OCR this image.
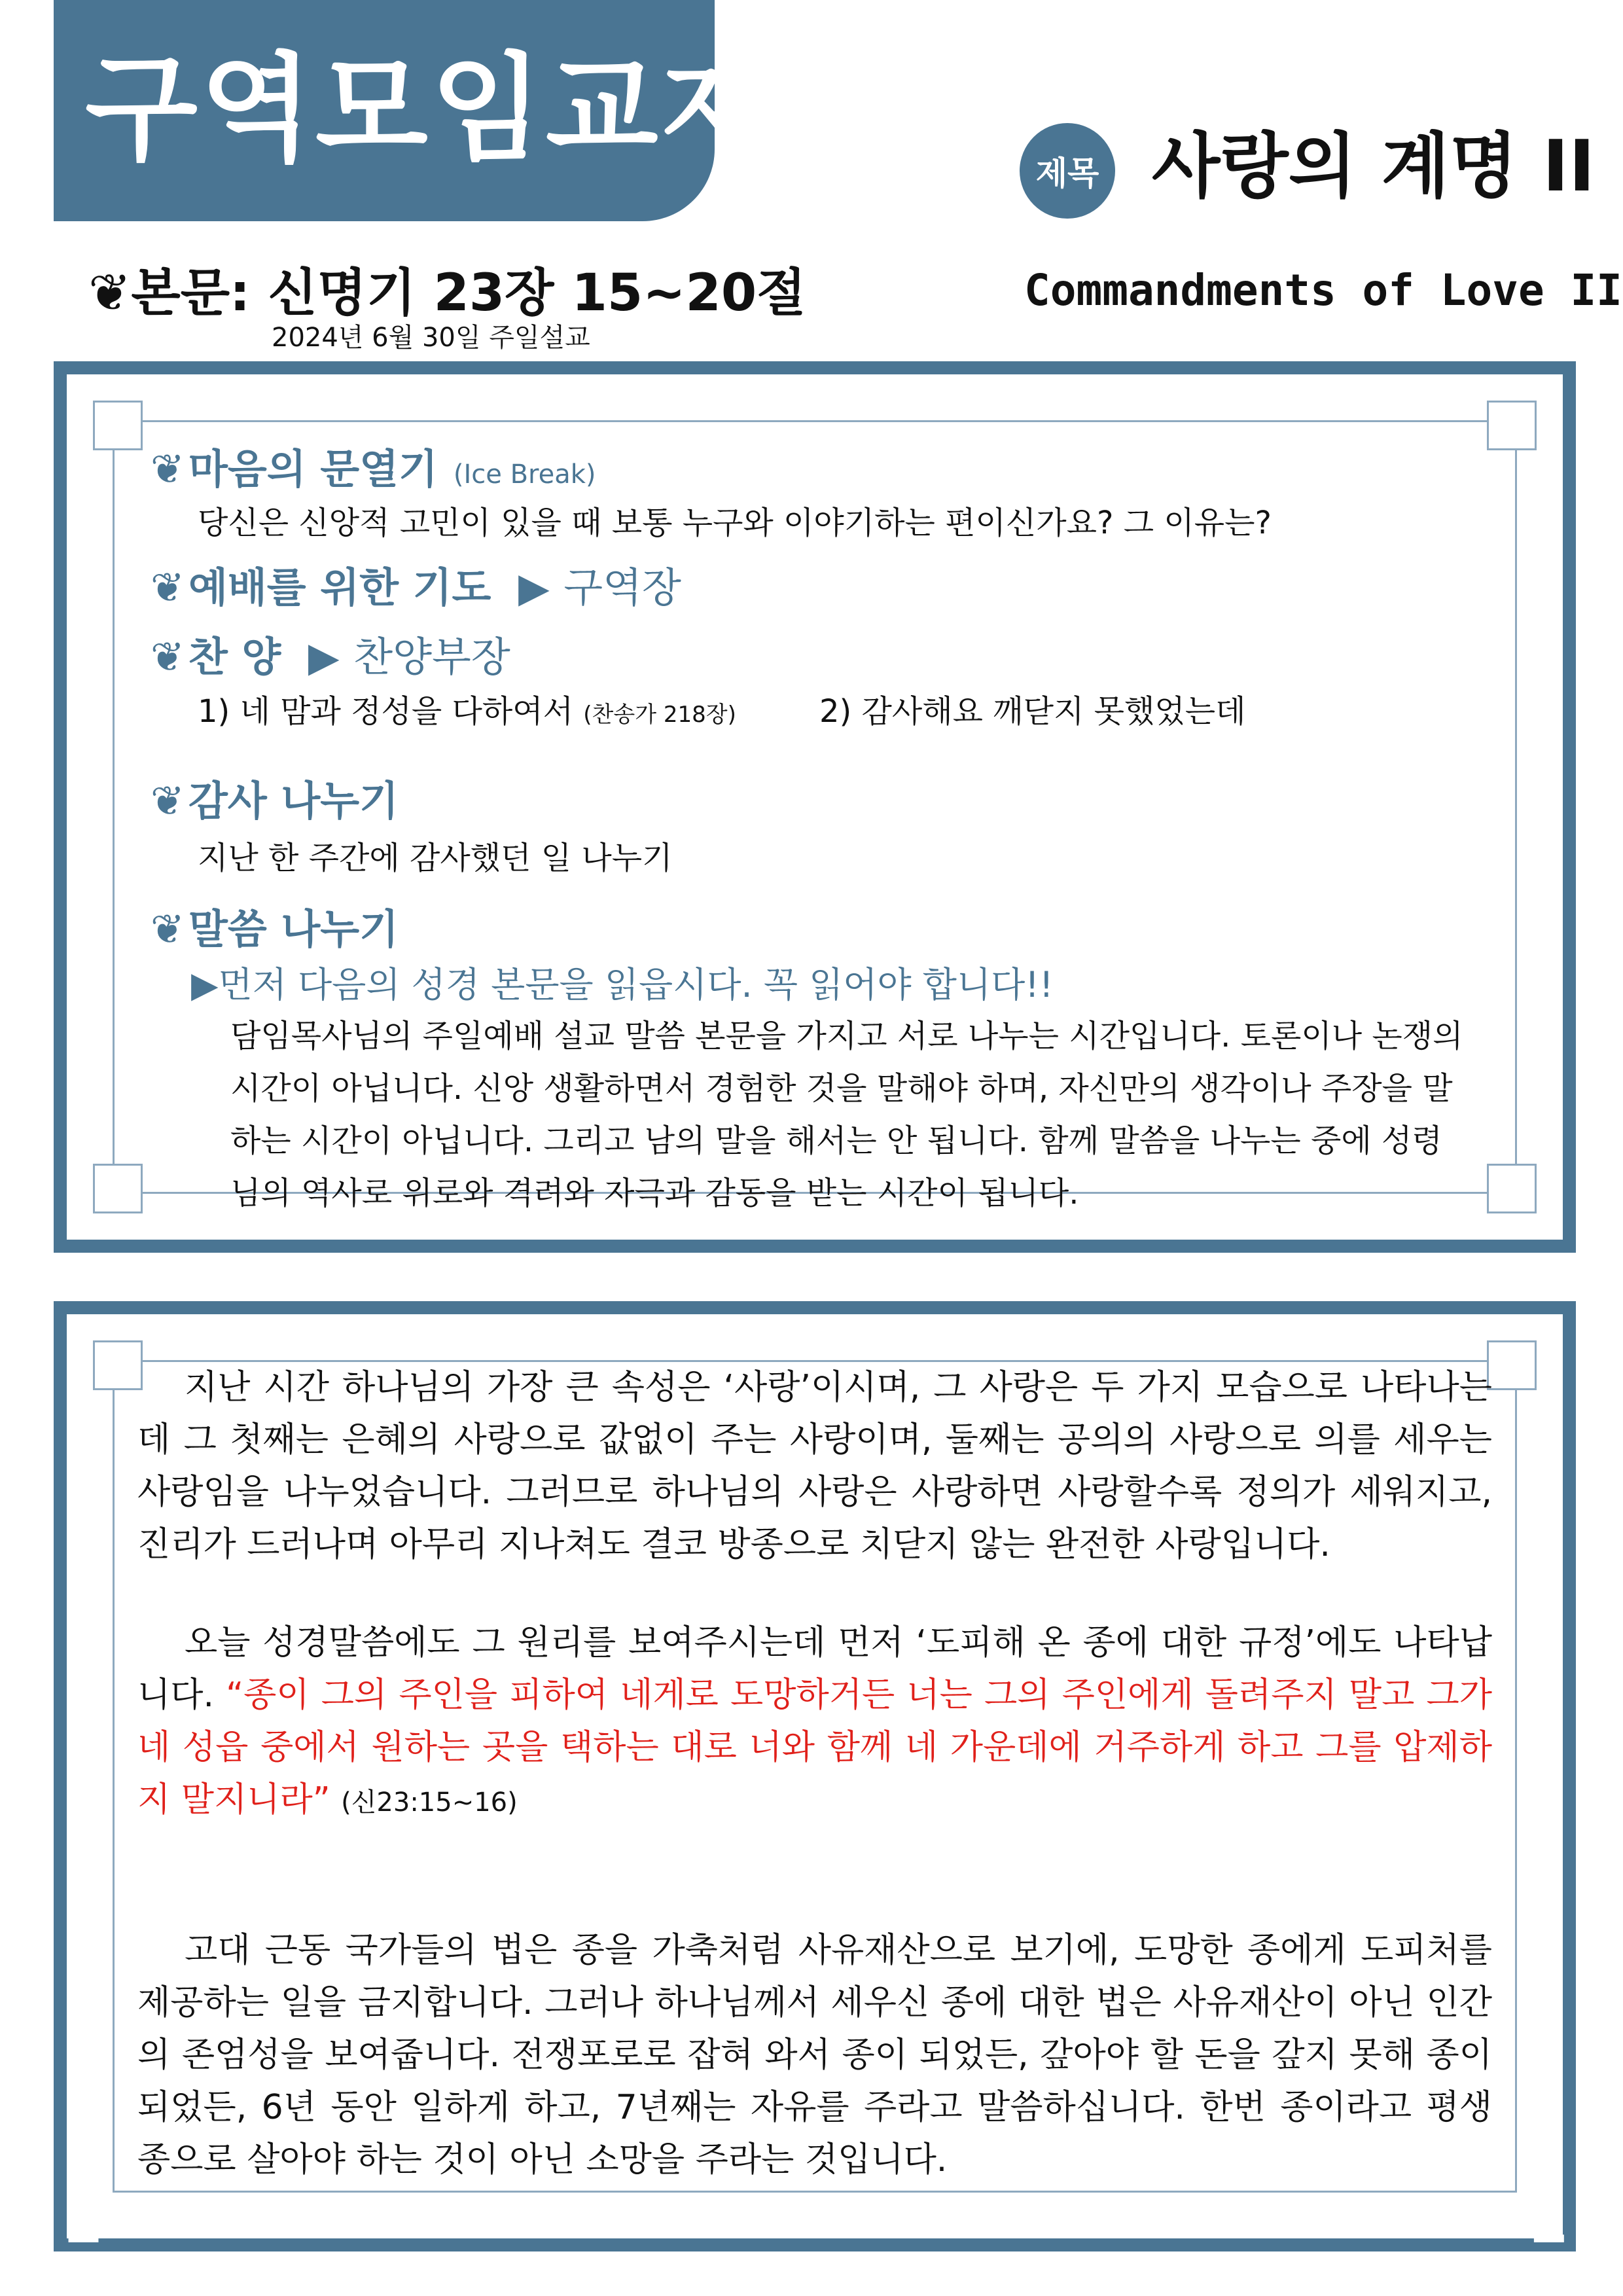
구역모임교재	제목 사랑의 계명 II
Commandments of Love II
❦본문: 신명기 23장 15~20절
2024년 6월 30일 주일설교
❦마음의 문열기 (Ice Break)
당신은 신앙적 고민이 있을 때 보통 누구와 이야기하는 편이신가요? 그 이유는?
❦예배를 위한 기도 ▶ 구역장
❦찬 양 ▶ 찬양부장
1) 네 맘과 정성을 다하여서 (찬송가 218장)	2) 감사해요 깨닫지 못했었는데
❦감사 나누기
지난 한 주간에 감사했던 일 나누기
❦말씀 나누기
▶먼저 다음의 성경 본문을 읽읍시다. 꼭 읽어야 합니다!!
담임목사님의 주일예배 설교 말씀 본문을 가지고 서로 나누는 시간입니다. 토론이나 논쟁의
시간이 아닙니다. 신앙 생활하면서 경험한 것을 말해야 하며, 자신만의 생각이나 주장을 말
하는 시간이 아닙니다. 그리고 남의 말을 해서는 안 됩니다. 함께 말씀을 나누는 중에 성령
님의 역사로 위로와 격려와 자극과 감동을 받는 시간이 됩니다.
지난 시간 하나님의 가장 큰 속성은 ‘사랑’이시며, 그 사랑은 두 가지 모습으로 나타나는데 그 첫째는 은혜의 사랑으로 값없이 주는 사랑이며, 둘째는 공의의 사랑으로 의를 세우는 사랑임을 나누었습니다. 그러므로 하나님의 사랑은 사랑하면 사랑할수록 정의가 세워지고, 진리가 드러나며 아무리 지나쳐도 결코 방종으로 치닫지 않는 완전한 사랑입니다.
오늘 성경말씀에도 그 원리를 보여주시는데 먼저 ‘도피해 온 종에 대한 규정’에도 나타납니다. “종이 그의 주인을 피하여 네게로 도망하거든 너는 그의 주인에게 돌려주지 말고 그가 네 성읍 중에서 원하는 곳을 택하는 대로 너와 함께 네 가운데에 거주하게 하고 그를 압제하지 말지니라” (신23:15~16)
고대 근동 국가들의 법은 종을 가축처럼 사유재산으로 보기에, 도망한 종에게 도피처를 제공하는 일을 금지합니다. 그러나 하나님께서 세우신 종에 대한 법은 사유재산이 아닌 인간의 존엄성을 보여줍니다. 전쟁포로로 잡혀 와서 종이 되었든, 갚아야 할 돈을 갚지 못해 종이 되었든, 6년 동안 일하게 하고, 7년째는 자유를 주라고 말씀하십니다. 한번 종이라고 평생 종으로 살아야 하는 것이 아닌 소망을 주라는 것입니다.
1	1
